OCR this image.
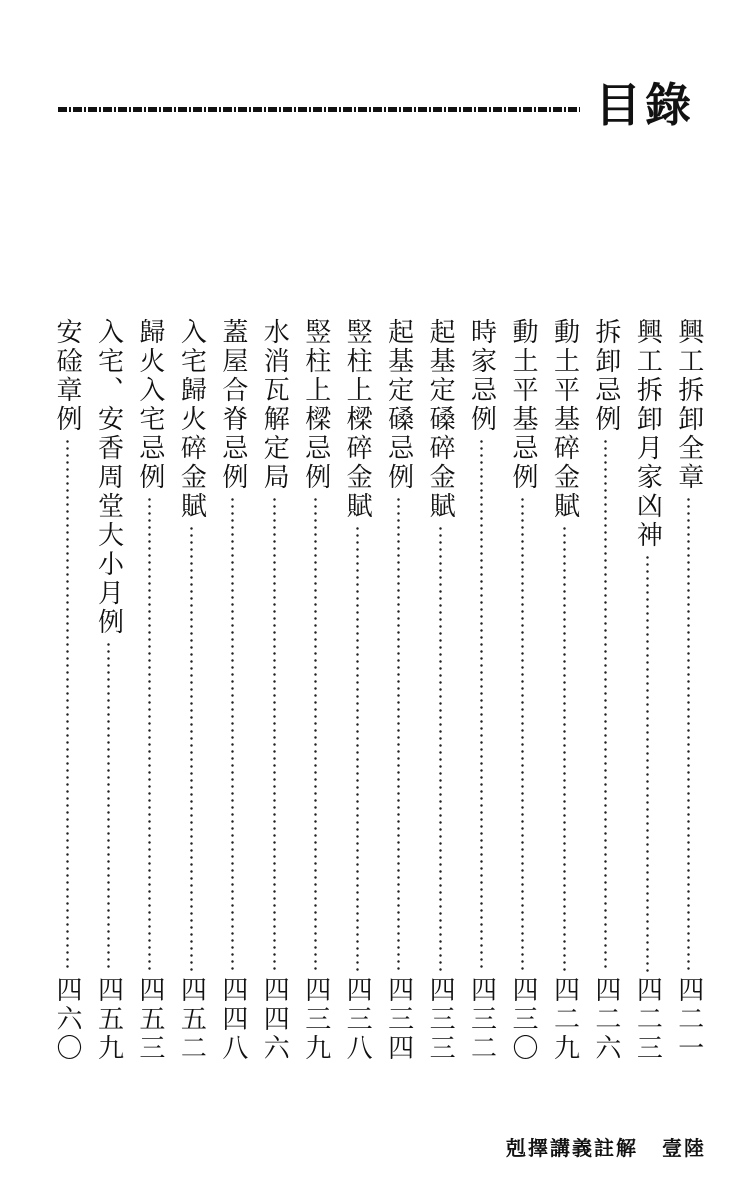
目錄
興工拆卸全章
四二一
興工拆卸月家凶神
四二三
拆卸忌例
四二六
動土平基碎金賦
四二九
動土平基忌例
四三〇
時家忌例
四三二
起基定磉碎金賦
四三三
起基定磉忌例
四三四
竪柱上樑碎金賦
四三八
竪柱上樑忌例
四三九
水消瓦解定局
四四六
蓋屋合脊忌例
四四八
入宅歸火碎金賦
四五二
歸火入宅忌例
四五三
入宅、安香周堂大小月例
四五九
安碒章例
四六〇
剋擇講義註解 壹陸
